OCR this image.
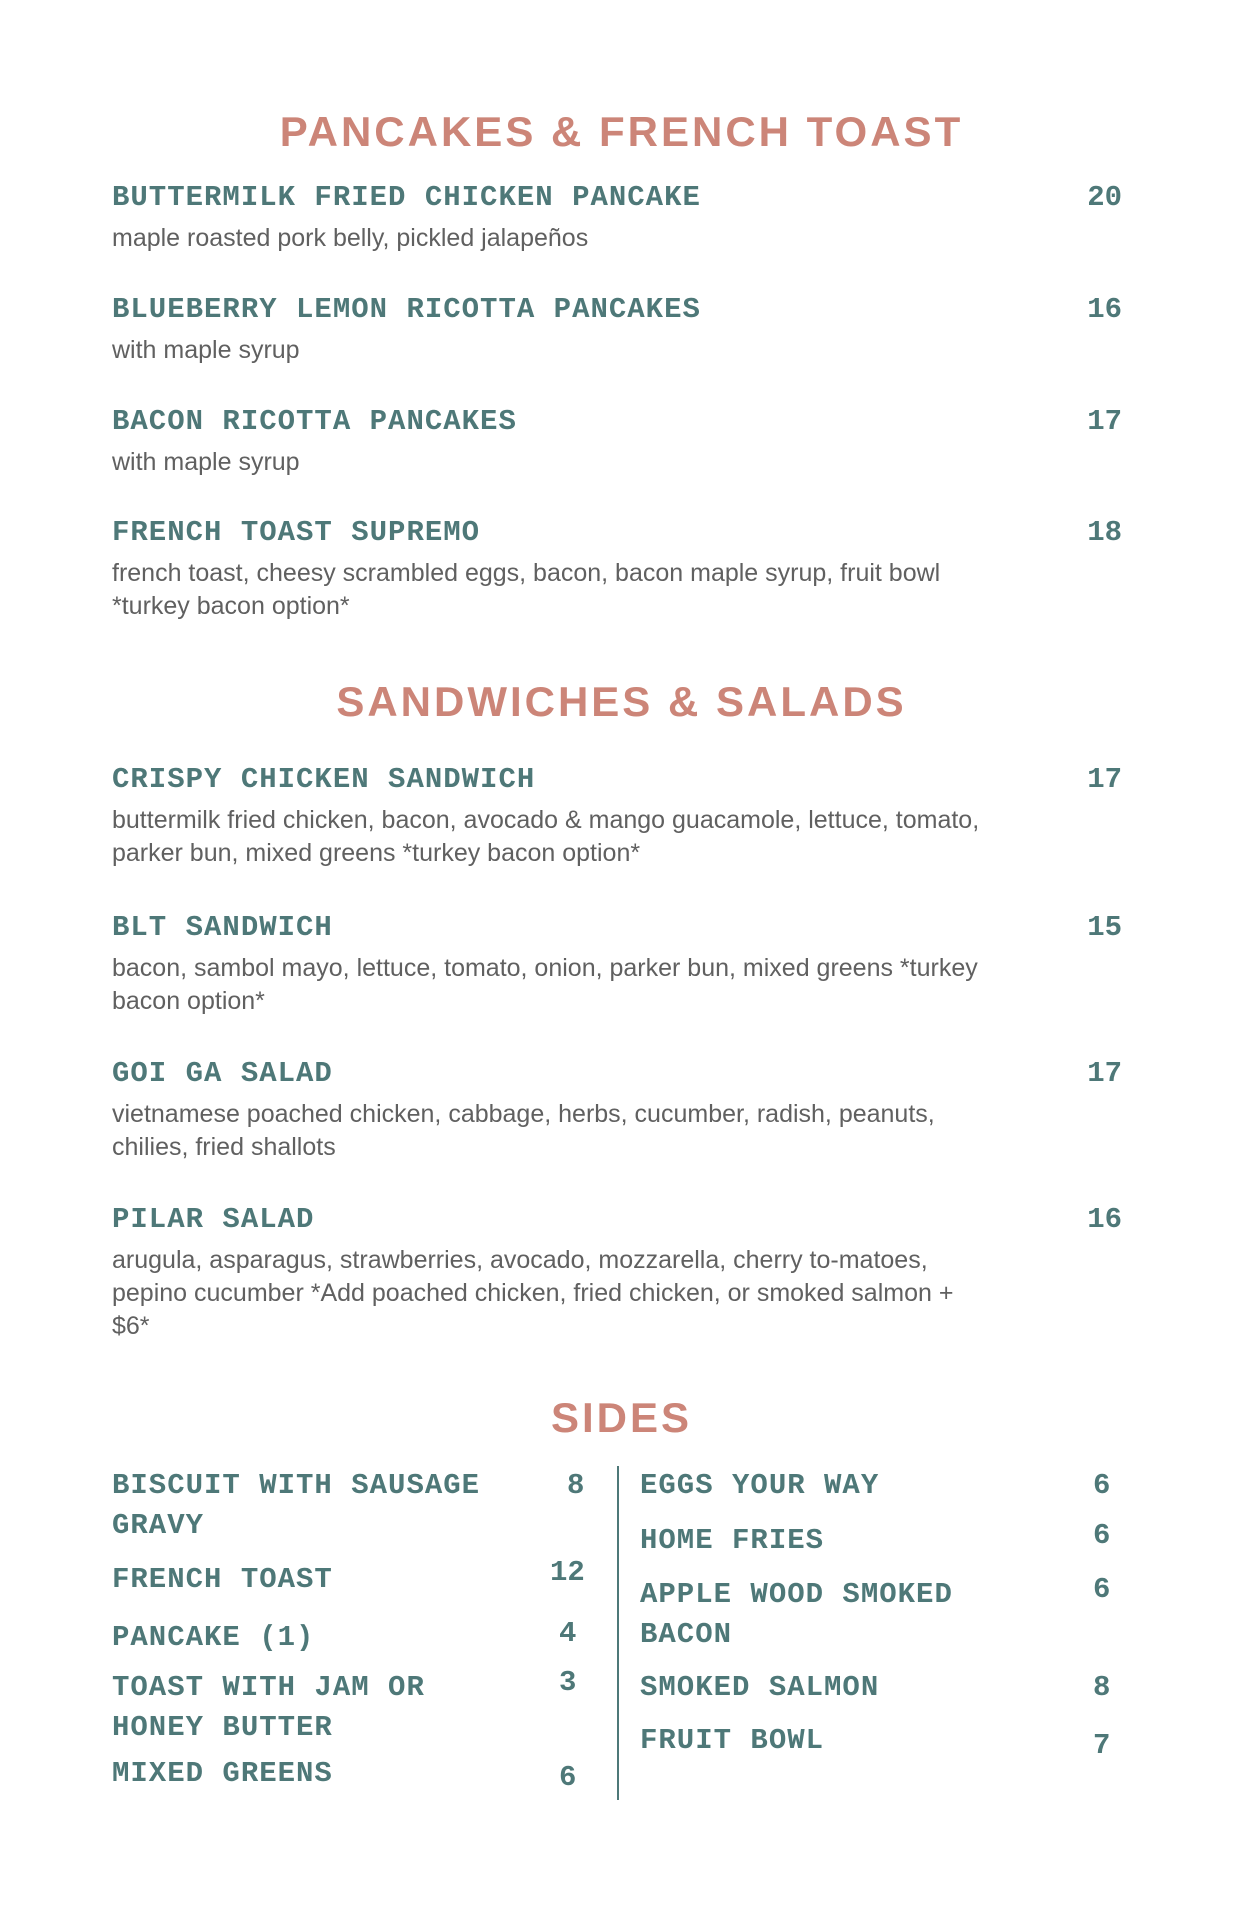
PANCAKES & FRENCH TOAST
BUTTERMILK FRIED CHICKEN PANCAKE	20
maple roasted pork belly, pickled jalapeños
BLUEBERRY LEMON RICOTTA PANCAKES	16
with maple syrup
BACON RICOTTA PANCAKES	17
with maple syrup
FRENCH TOAST SUPREMO	18
french toast, cheesy scrambled eggs, bacon, bacon maple syrup, fruit bowl *turkey bacon option*
SANDWICHES & SALADS
CRISPY CHICKEN SANDWICH	17
buttermilk fried chicken, bacon, avocado & mango guacamole, lettuce, tomato, parker bun, mixed greens *turkey bacon option*
BLT SANDWICH	15
bacon, sambol mayo, lettuce, tomato, onion, parker bun, mixed greens *turkey bacon option*
GOI GA SALAD	17
vietnamese poached chicken, cabbage, herbs, cucumber, radish, peanuts, chilies, fried shallots
PILAR SALAD	16
arugula, asparagus, strawberries, avocado, mozzarella, cherry to-matoes, pepino cucumber *Add poached chicken, fried chicken, or smoked salmon + $6*
SIDES
BISCUIT WITH SAUSAGE GRAVY
8
FRENCH TOAST	12
PANCAKE (1)	4
TOAST WITH JAM OR HONEY BUTTER
3
MIXED GREENS	6
EGGS YOUR WAY	6
HOME FRIES	6
APPLE WOOD SMOKED BACON
6
SMOKED SALMON	8
FRUIT BOWL	7
